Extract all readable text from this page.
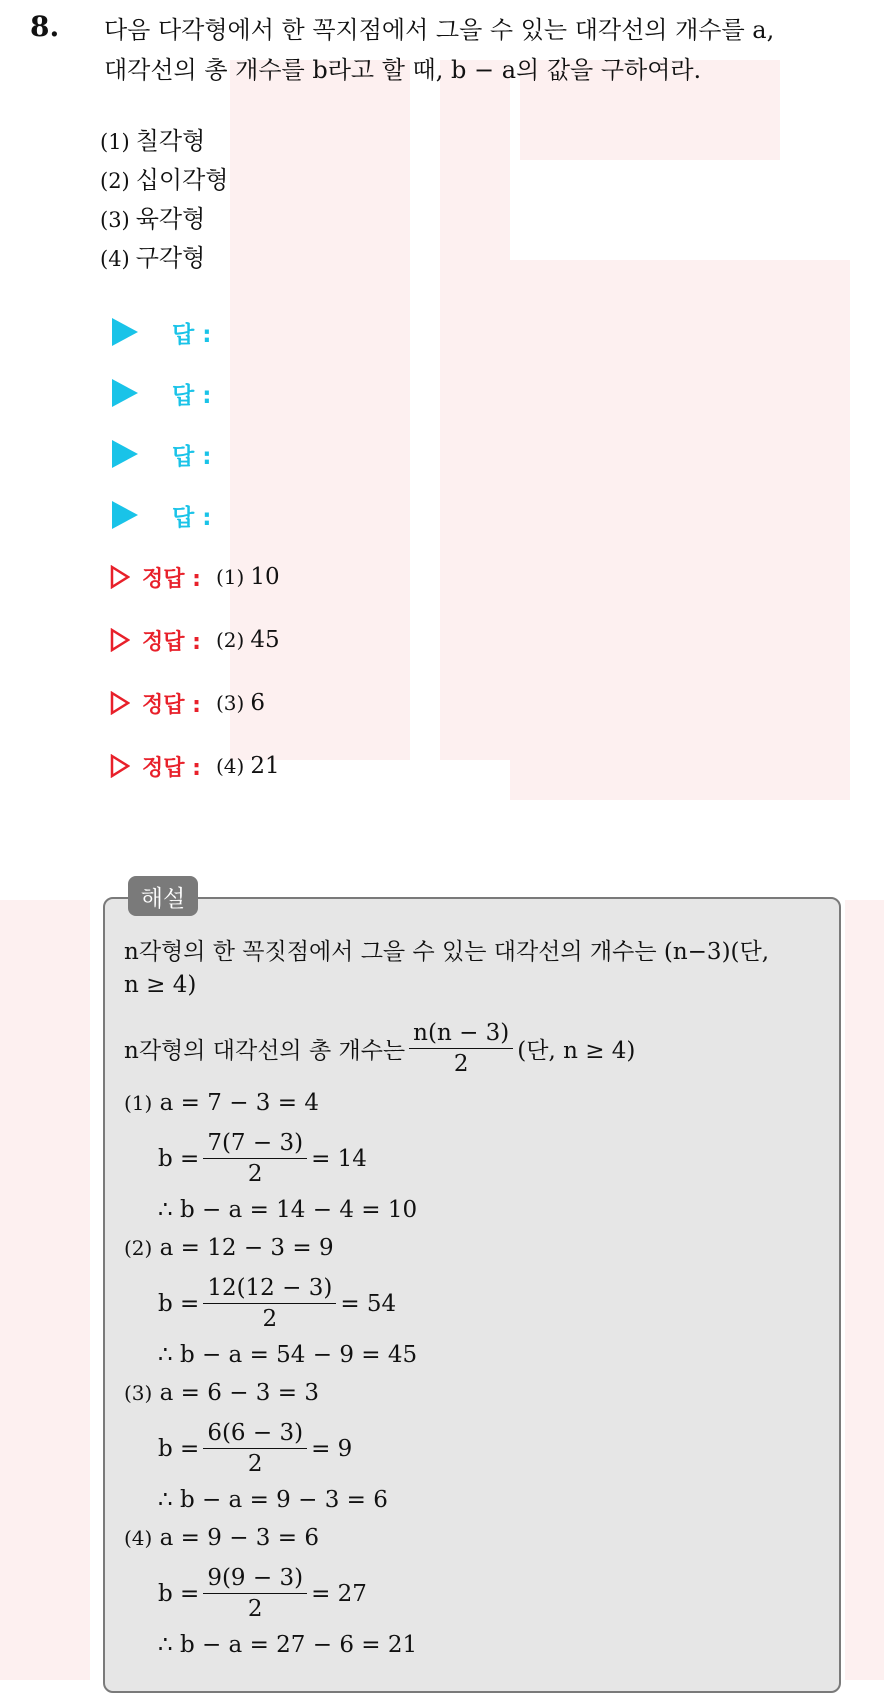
8. 다음 다각형에서 한 꼭지점에서 그을 수 있는 대각선의 개수를 a,
대각선의 총 개수를 b라고 할 때, b − a의 값을 구하여라.
(1) 칠각형
(2) 십이각형
(3) 육각형
(4) 구각형
답 :
답 :
답 :
답 :
정답 : (1) 10
정답 : (2) 45
정답 : (3) 6
정답 : (4) 21
해설
n각형의 한 꼭짓점에서 그을 수 있는 대각선의 개수는 (n−3)(단,
n ≥ 4)
n각형의 대각선의 총 개수는 $\frac{n(n - 3)}{2}$ (단, n ≥ 4)
(1) a = 7 − 3 = 4
$b = \frac{7(7 - 3)}{2} = 14$
∴ b − a = 14 − 4 = 10
(2) a = 12 − 3 = 9
$b = \frac{12(12 - 3)}{2} = 54$
∴ b − a = 54 − 9 = 45
(3) a = 6 − 3 = 3
$b = \frac{6(6 - 3)}{2} = 9$
∴ b − a = 9 − 3 = 6
(4) a = 9 − 3 = 6
$b = \frac{9(9 - 3)}{2} = 27$
∴ b − a = 27 − 6 = 21
